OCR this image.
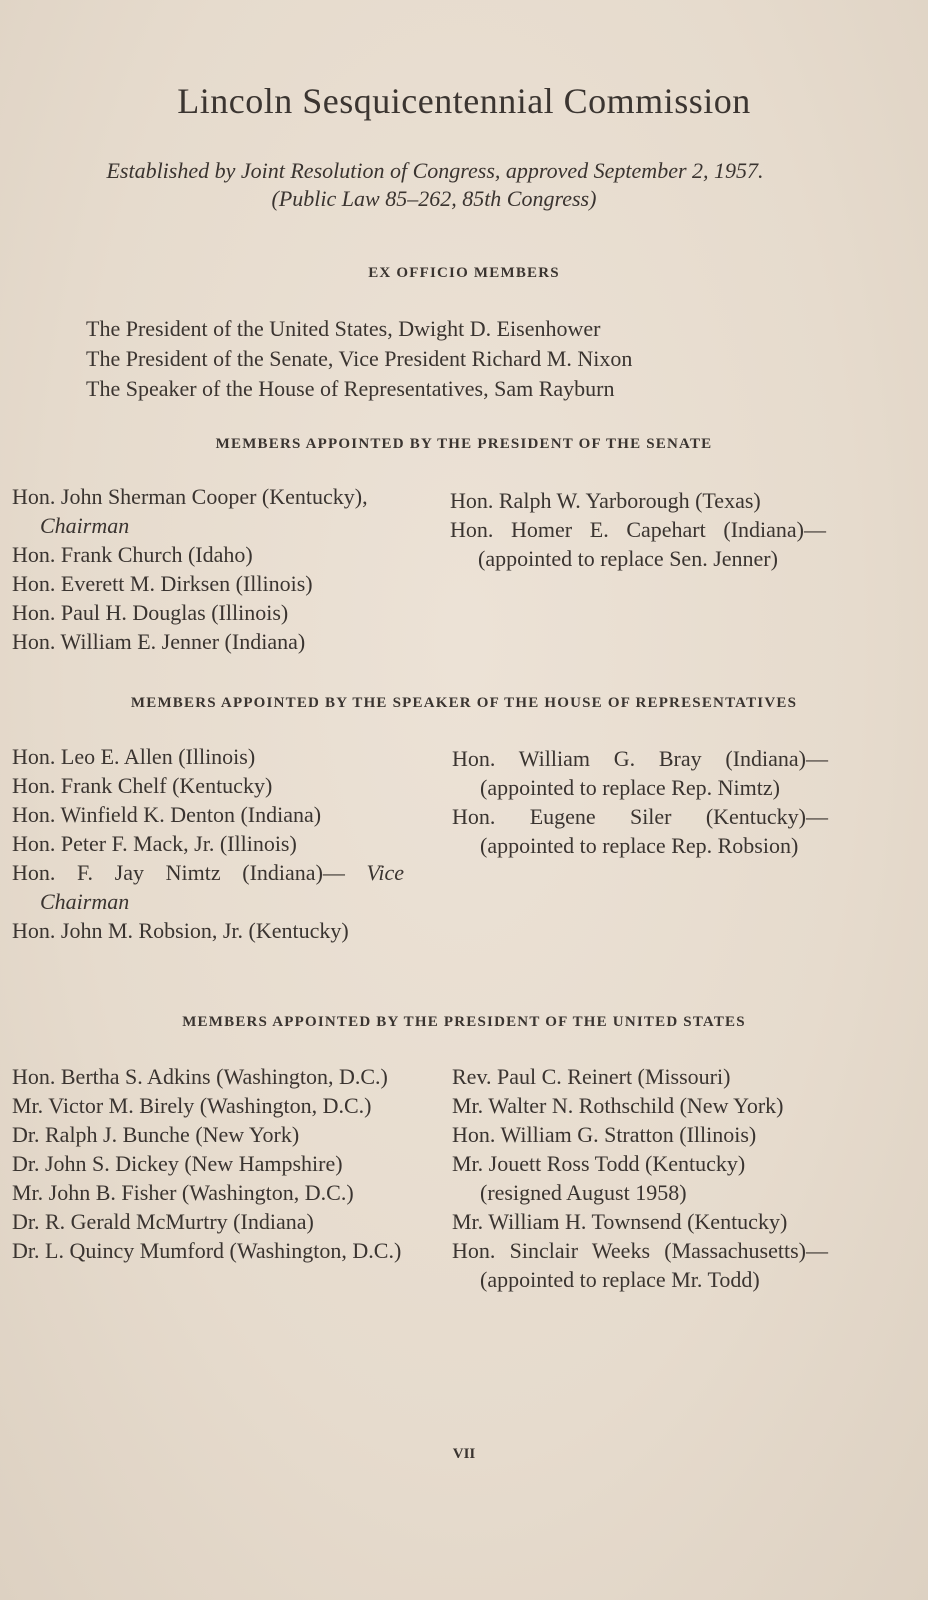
Lincoln Sesquicentennial Commission
Established by Joint Resolution of Congress, approved September 2, 1957.
(Public Law 85–262, 85th Congress)
EX OFFICIO MEMBERS
The President of the United States, Dwight D. Eisenhower
The President of the Senate, Vice President Richard M. Nixon
The Speaker of the House of Representatives, Sam Rayburn
MEMBERS APPOINTED BY THE PRESIDENT OF THE SENATE
Hon. John Sherman Cooper (Kentucky), Chairman
Hon. Frank Church (Idaho)
Hon. Everett M. Dirksen (Illinois)
Hon. Paul H. Douglas (Illinois)
Hon. William E. Jenner (Indiana)
Hon. Ralph W. Yarborough (Texas)
Hon. Homer E. Capehart (Indiana)—(appointed to replace Sen. Jenner)
MEMBERS APPOINTED BY THE SPEAKER OF THE HOUSE OF REPRESENTATIVES
Hon. Leo E. Allen (Illinois)
Hon. Frank Chelf (Kentucky)
Hon. Winfield K. Denton (Indiana)
Hon. Peter F. Mack, Jr. (Illinois)
Hon. F. Jay Nimtz (Indiana)— Vice Chairman
Hon. John M. Robsion, Jr. (Kentucky)
Hon. William G. Bray (Indiana)—(appointed to replace Rep. Nimtz)
Hon. Eugene Siler (Kentucky)—(appointed to replace Rep. Robsion)
MEMBERS APPOINTED BY THE PRESIDENT OF THE UNITED STATES
Hon. Bertha S. Adkins (Washington, D.C.)
Mr. Victor M. Birely (Washington, D.C.)
Dr. Ralph J. Bunche (New York)
Dr. John S. Dickey (New Hampshire)
Mr. John B. Fisher (Washington, D.C.)
Dr. R. Gerald McMurtry (Indiana)
Dr. L. Quincy Mumford (Washington, D.C.)
Rev. Paul C. Reinert (Missouri)
Mr. Walter N. Rothschild (New York)
Hon. William G. Stratton (Illinois)
Mr. Jouett Ross Todd (Kentucky) (resigned August 1958)
Mr. William H. Townsend (Kentucky)
Hon. Sinclair Weeks (Massachusetts)—(appointed to replace Mr. Todd)
VII
